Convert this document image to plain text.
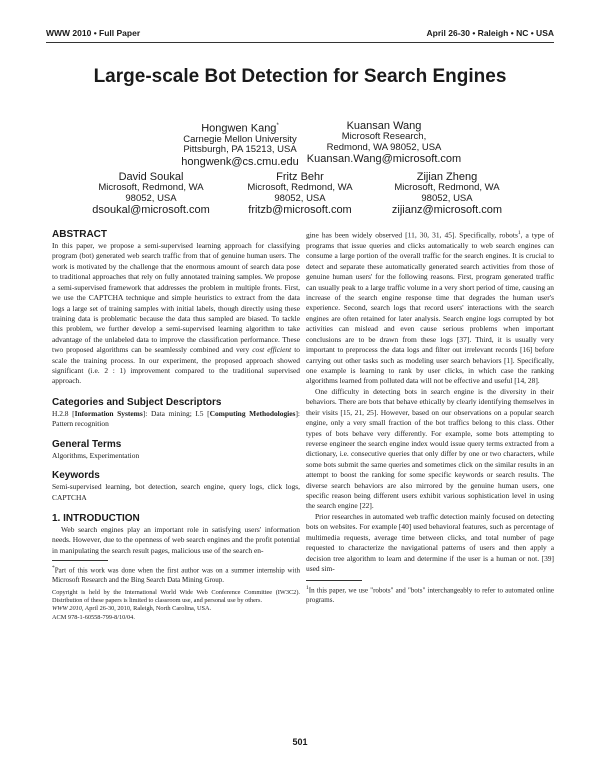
WWW 2010 • Full Paper	April 26-30 • Raleigh • NC • USA
Large-scale Bot Detection for Search Engines
Hongwen Kang*
Carnegie Mellon University
Pittsburgh, PA 15213, USA
hongwenk@cs.cmu.edu
Kuansan Wang
Microsoft Research,
Redmond, WA 98052, USA
Kuansan.Wang@microsoft.com
David Soukal
Microsoft, Redmond, WA
98052, USA
dsoukal@microsoft.com
Fritz Behr
Microsoft, Redmond, WA
98052, USA
fritzb@microsoft.com
Zijian Zheng
Microsoft, Redmond, WA
98052, USA
zijianz@microsoft.com
ABSTRACT

In this paper, we propose a semi-supervised learning approach for classifying program (bot) generated web search traffic from that of genuine human users. The work is motivated by the challenge that the enormous amount of search data pose to traditional approaches that rely on fully annotated training samples. We propose a semi-supervised framework that addresses the problem in multiple fronts. First, we use the CAPTCHA technique and simple heuristics to extract from the data logs a large set of training samples with initial labels, though directly using these training data is problematic because the data thus sampled are biased. To tackle this problem, we further develop a semi-supervised learning algorithm to take advantage of the unlabeled data to improve the classification performance. These two proposed algorithms can be seamlessly combined and very cost efficient to scale the training process. In our experiment, the proposed approach showed significant (i.e. 2 : 1) improvement compared to the traditional supervised approach.

Categories and Subject Descriptors

H.2.8 [Information Systems]: Data mining; I.5 [Computing Methodologies]: Pattern recognition

General Terms

Algorithms, Experimentation

Keywords

Semi-supervised learning, bot detection, search engine, query logs, click logs, CAPTCHA

1. INTRODUCTION

Web search engines play an important role in satisfying users' information needs. However, due to the openness of web search engines and the profit potential in manipulating the search result pages, malicious use of the search en-

*Part of this work was done when the first author was on a summer internship with Microsoft Research and the Bing Search Data Mining Group.

Copyright is held by the International World Wide Web Conference Committee (IW3C2). Distribution of these papers is limited to classroom use, and personal use by others.

WWW 2010, April 26-30, 2010, Raleigh, North Carolina, USA.

ACM 978-1-60558-799-8/10/04.

gine has been widely observed [11, 30, 31, 45]. Specifically, robots$^1$, a type of programs that issue queries and clicks automatically to web search engines can consume a large portion of the overall traffic for the search engines. It is crucial to detect and separate these automatically generated search activities from those of genuine human users' for the following reasons. First, program generated traffic can usually peak to a large traffic volume in a very short period of time, causing an increase of the search engine response time that degrades the human user's experience. Second, search logs that record users' interactions with the search engines are often retained for later analysis. Search engine logs corrupted by bot activities can mislead and even cause serious problems when important conclusions are to be drawn from these logs [37]. Third, it is usually very important to preprocess the data logs and filter out irrelevant records [16] before carrying out other tasks such as modeling user search behaviors [1]. Specifically, one example is learning to rank by user clicks, in which case the ranking algorithms learned from polluted data will not be effective and useful [14, 28].

One difficulty in detecting bots in search engine is the diversity in their behaviors. There are bots that behave ethically by clearly identifying themselves in their visits [15, 21, 25]. However, based on our observations on a popular search engine, only a very small fraction of the bot traffics belong to this class. Other types of bots behave very differently. For example, some bots attempting to reverse engineer the search engine index would issue query terms extracted from a dictionary, i.e. consecutive queries that only differ by one or two characters, while some bots submit the same queries and sometimes click on the similar results in an attempt to boost the ranking for some specific keywords or search results. The diverse search behaviors are also mirrored by the genuine human users, one specific reason being different users exhibit various sophistication level in using the search engine [22].

Prior researches in automated web traffic detection mainly focused on detecting bots on websites. For example [40] used behavioral features, such as percentage of multimedia requests, average time between clicks, and total number of page requested to characterize the navigational patterns of users and then apply a decision tree algorithm to learn and determine if the user is a human or not. [39] used sim-

$^1$In this paper, we use "robots" and "bots" interchangeably to refer to automated online programs.

501
